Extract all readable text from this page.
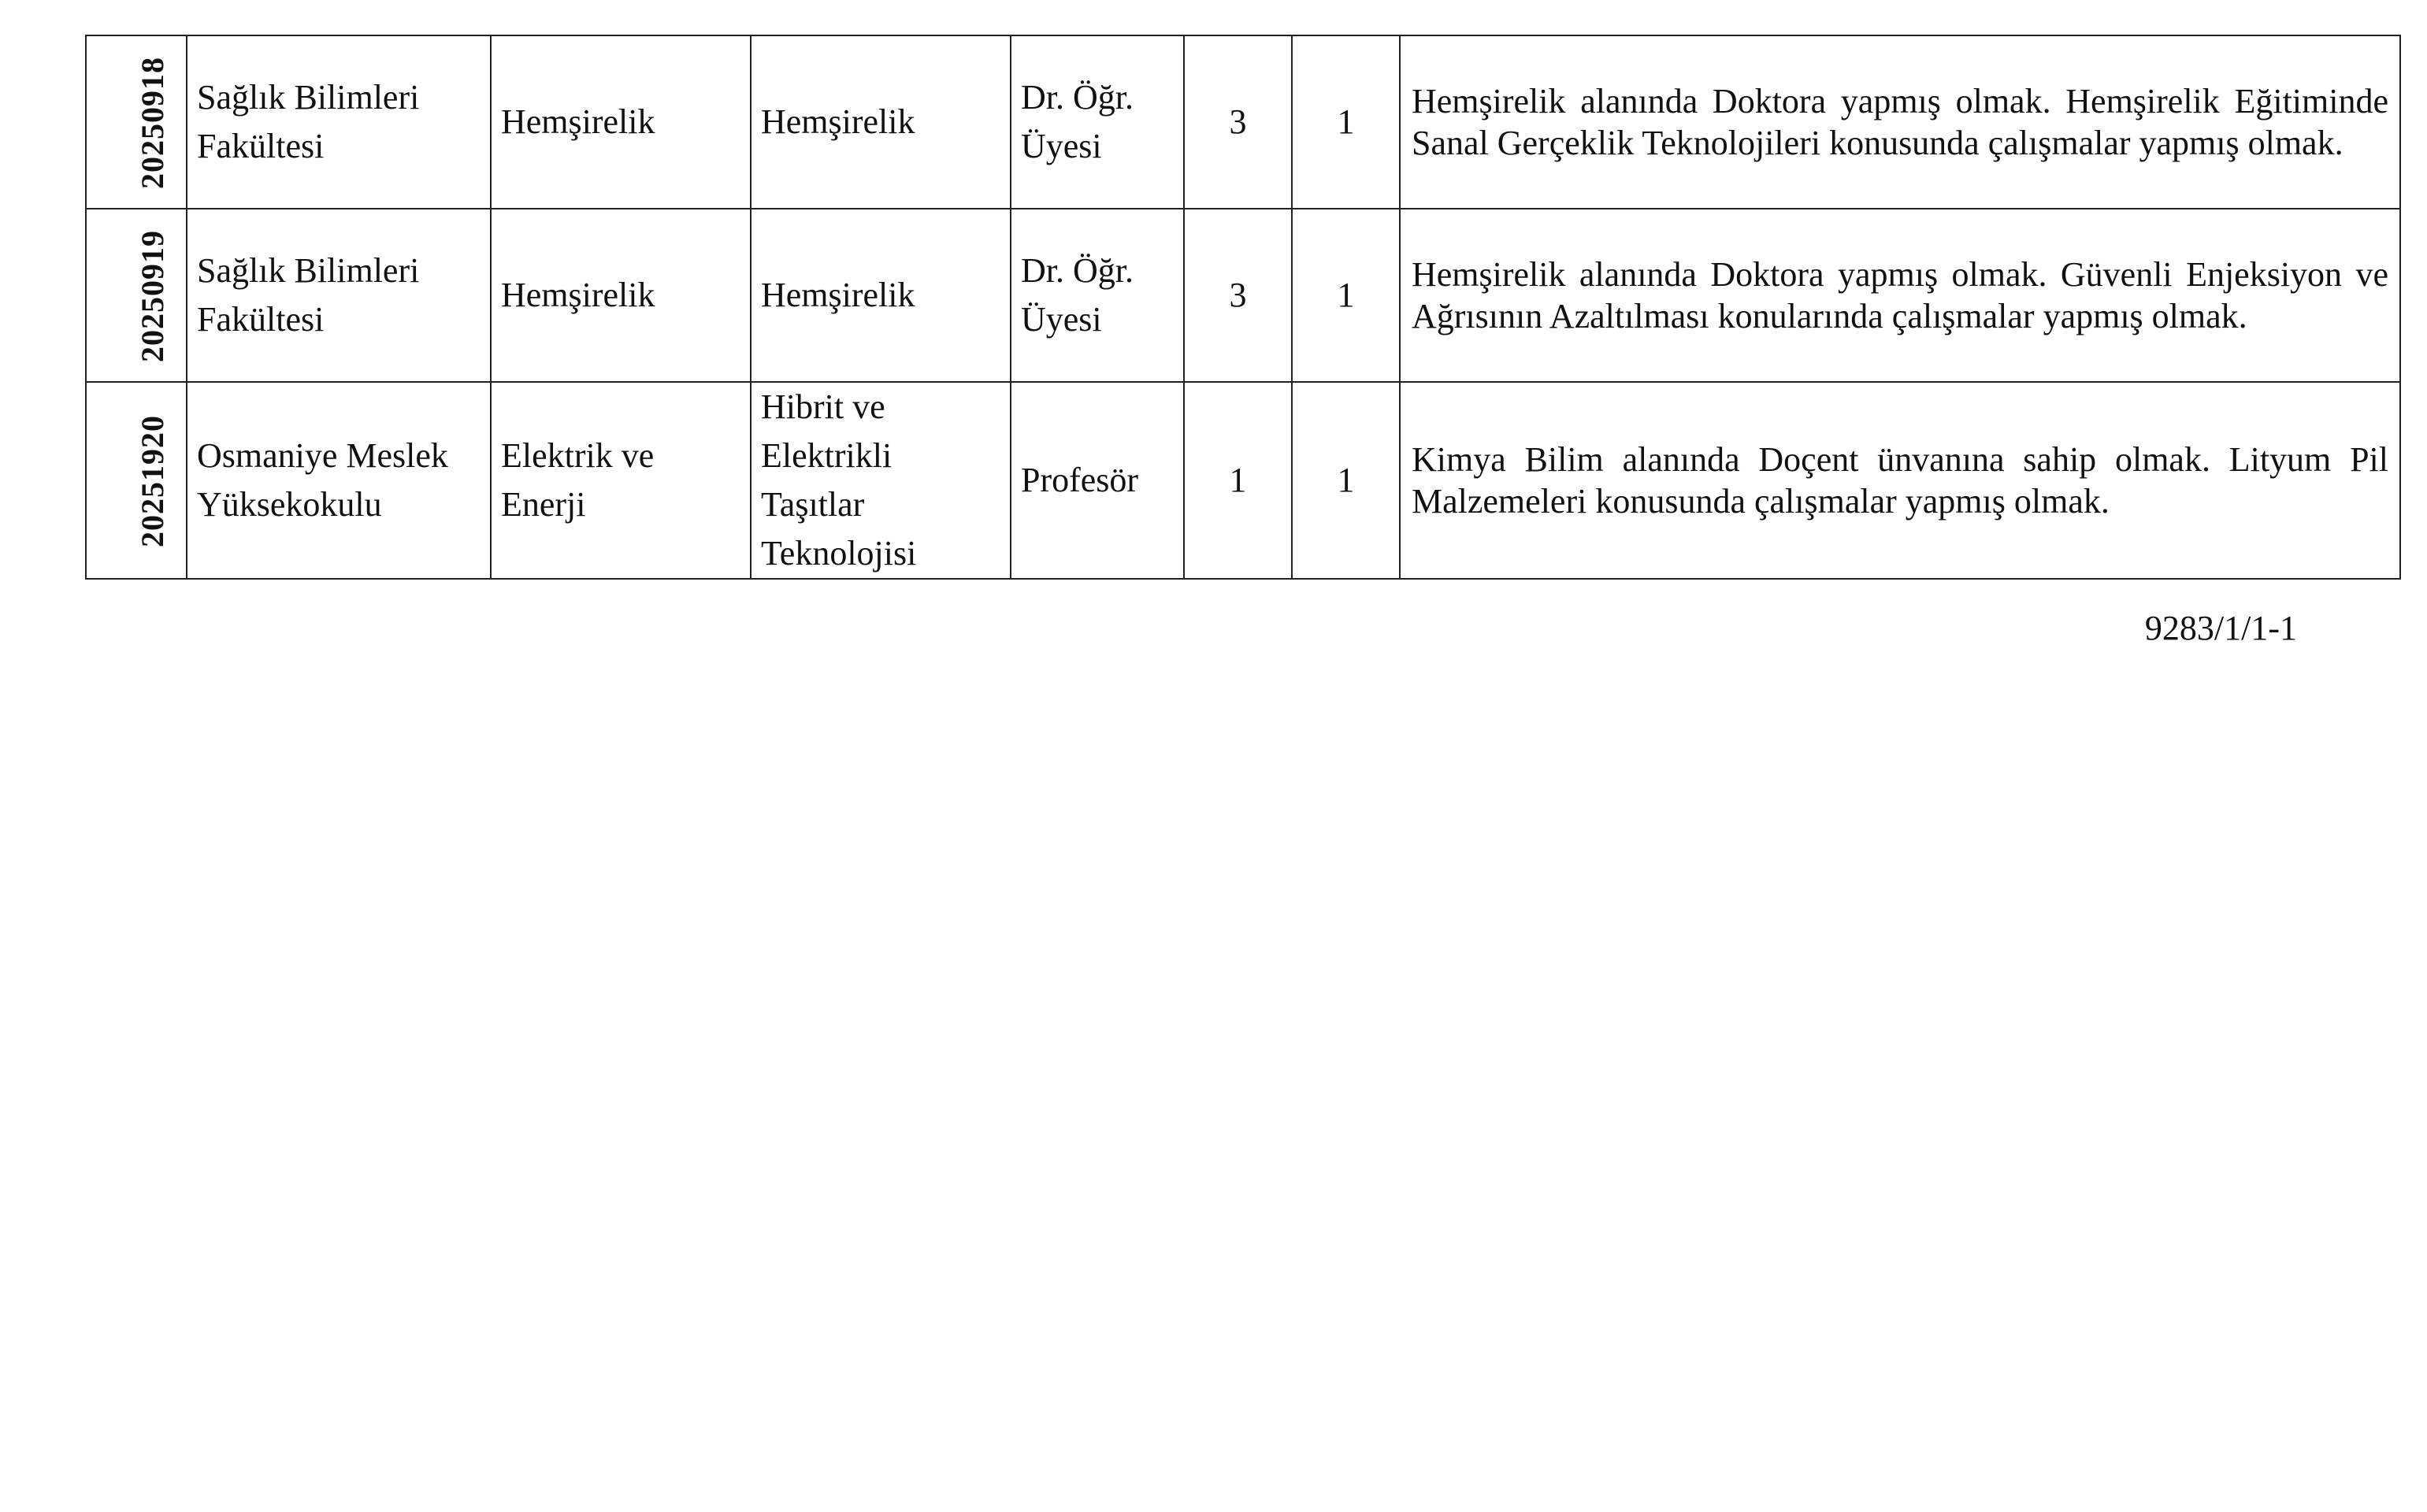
20250918	Sağlık Bilimleri Fakültesi	Hemşirelik	Hemşirelik	Dr. Öğr. Üyesi	3	1	Hemşirelik alanında Doktora yapmış olmak. Hemşirelik Eğitiminde Sanal Gerçeklik Teknolojileri konusunda çalışmalar yapmış olmak.
20250919	Sağlık Bilimleri Fakültesi	Hemşirelik	Hemşirelik	Dr. Öğr. Üyesi	3	1	Hemşirelik alanında Doktora yapmış olmak. Güvenli Enjeksiyon ve Ağrısının Azaltılması konularında çalışmalar yapmış olmak.
20251920	Osmaniye Meslek Yüksekokulu	Elektrik ve Enerji	Hibrit ve Elektrikli Taşıtlar Teknolojisi	Profesör	1	1	Kimya Bilim alanında Doçent ünvanına sahip olmak. Lityum Pil Malzemeleri konusunda çalışmalar yapmış olmak.
9283/1/1-1
